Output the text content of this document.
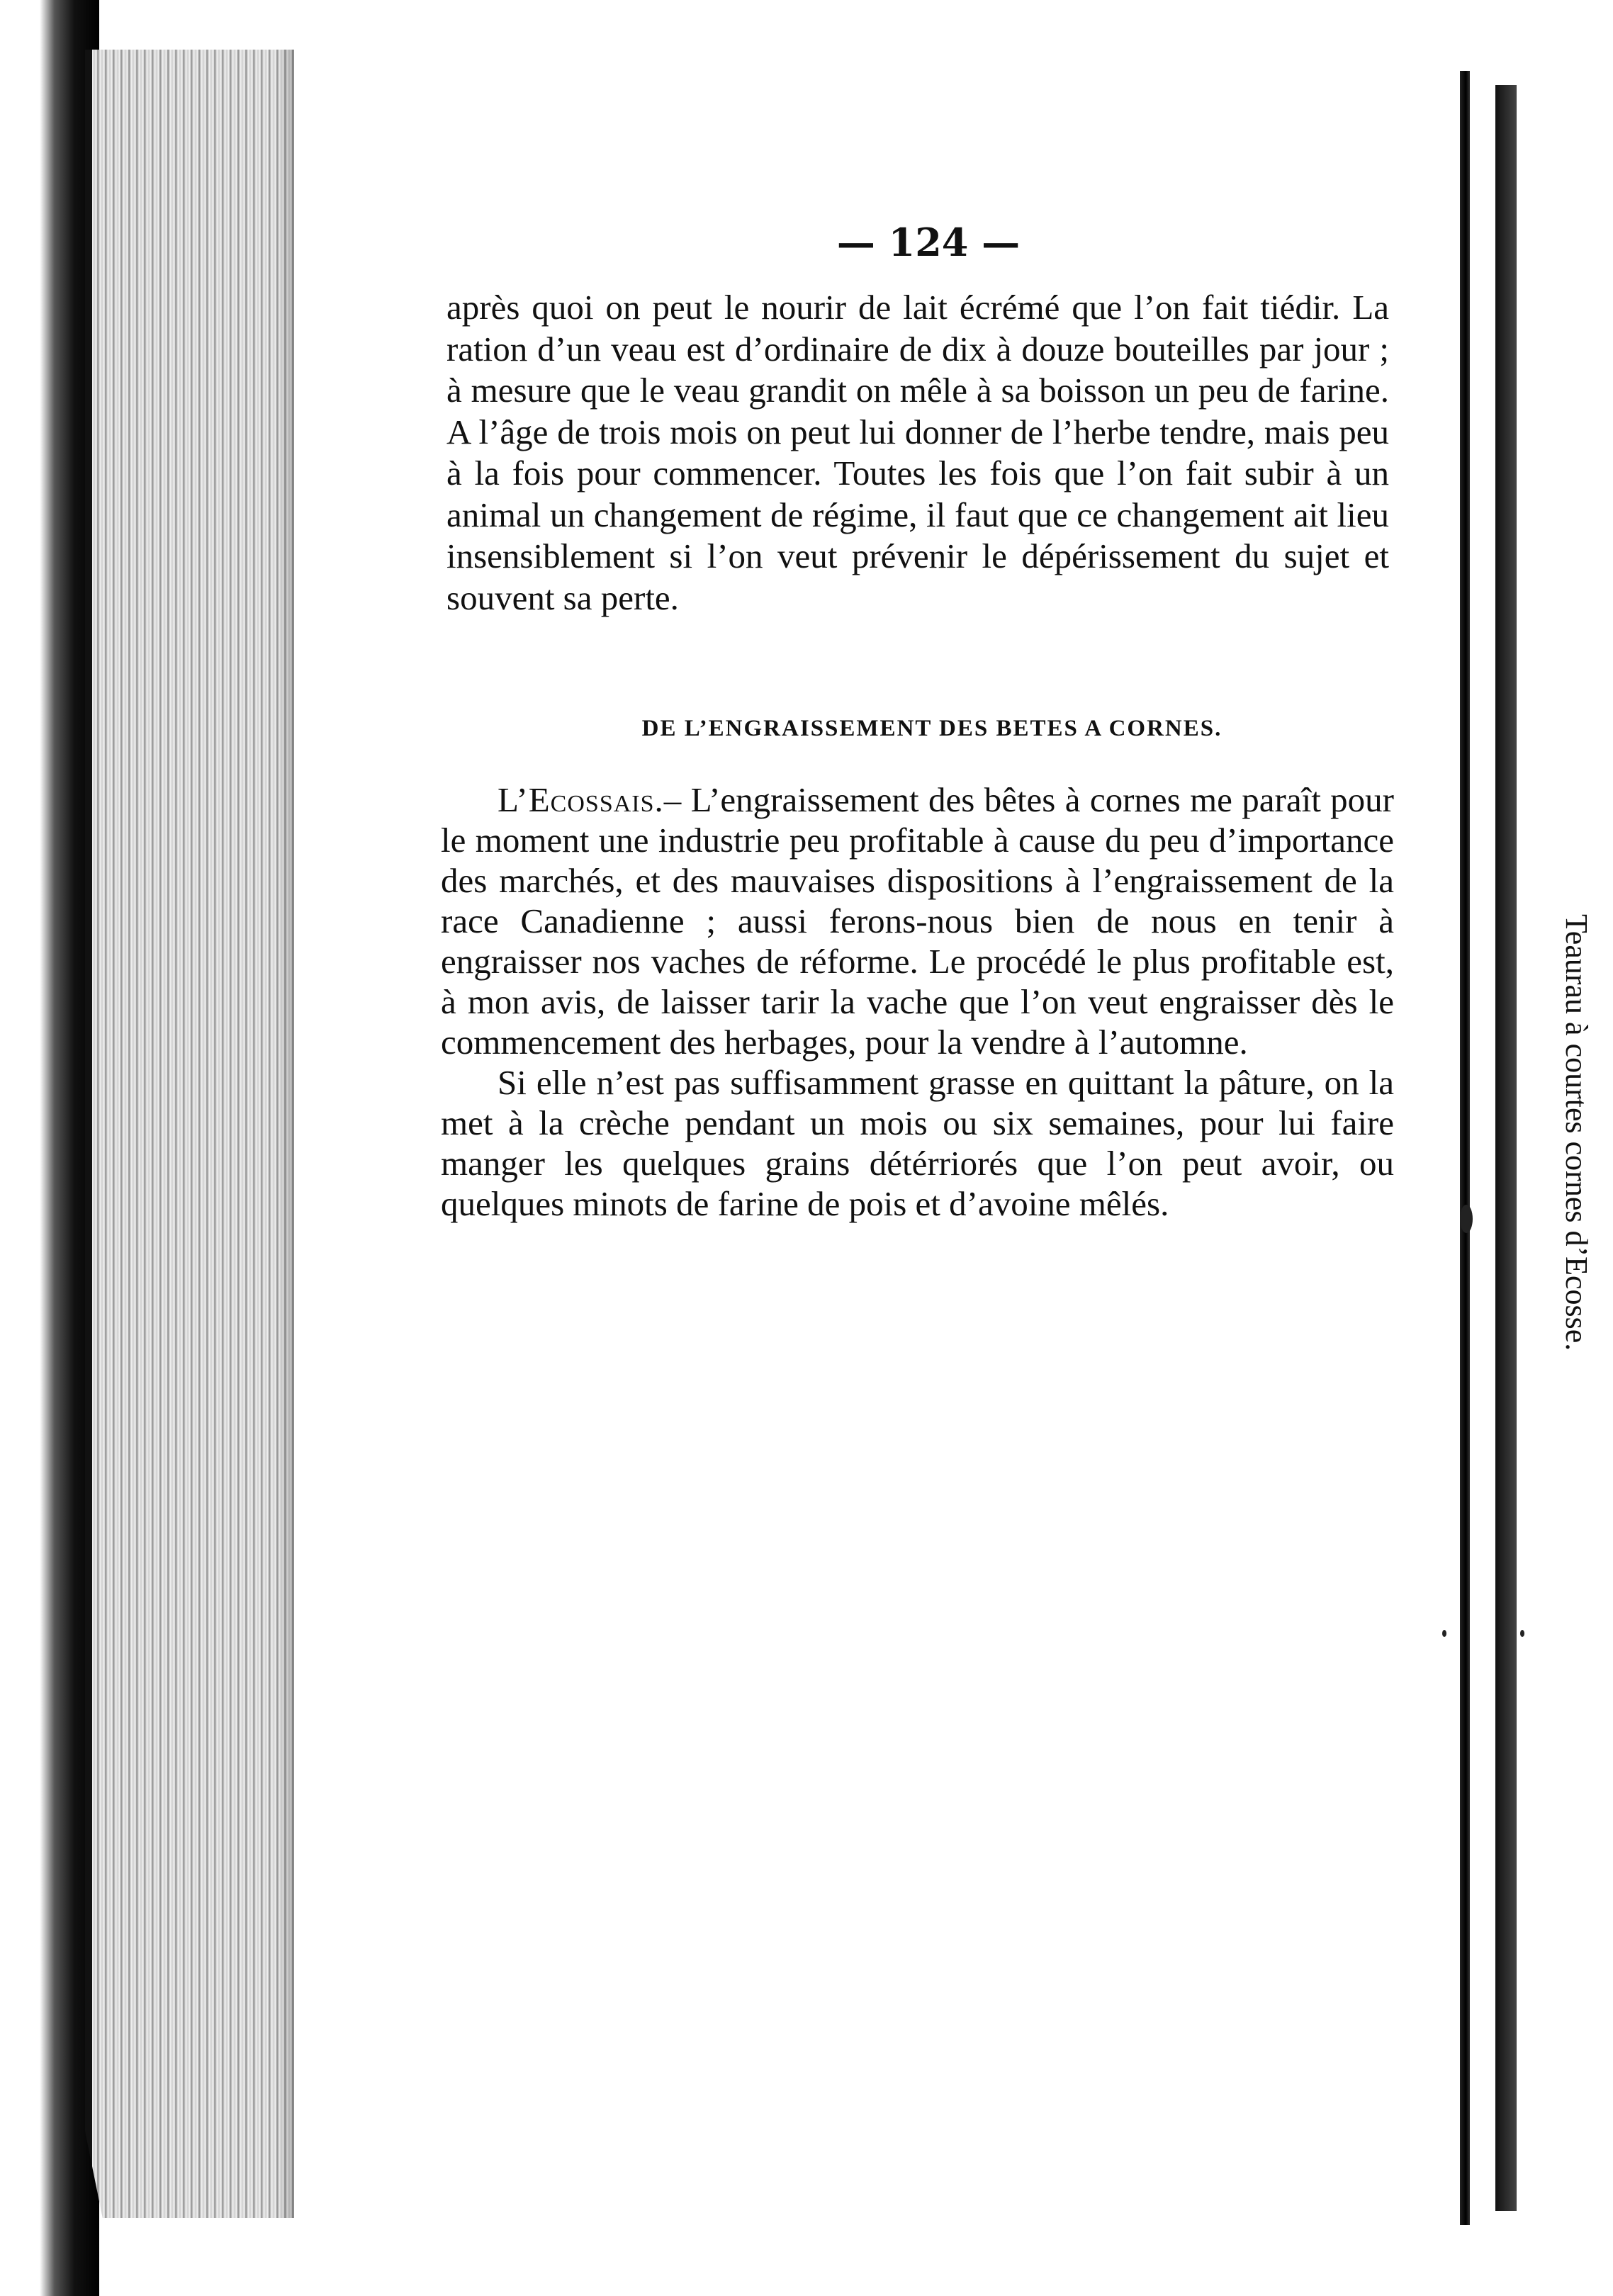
— 124 —

après quoi on peut le nourir de lait écrémé que l’on fait tiédir. La ration d’un veau est d’ordinaire de dix à douze bouteilles par jour ; à mesure que le veau grandit on mêle à sa boisson un peu de farine. A l’âge de trois mois on peut lui donner de l’herbe tendre, mais peu à la fois pour commencer. Toutes les fois que l’on fait subir à un animal un changement de régime, il faut que ce changement ait lieu insensiblement si l’on veut prévenir le dépérissement du sujet et souvent sa perte.

DE L’ENGRAISSEMENT DES BETES A CORNES.

L’Ecossais.– L’engraissement des bêtes à cornes me paraît pour le moment une industrie peu profitable à cause du peu d’importance des marchés, et des mauvaises dispositions à l’engraissement de la race Canadienne ; aussi ferons-nous bien de nous en tenir à engraisser nos vaches de réforme. Le procédé le plus profitable est, à mon avis, de laisser tarir la vache que l’on veut engraisser dès le commencement des herbages, pour la vendre à l’automne.

Si elle n’est pas suffisamment grasse en quittant la pâture, on la met à la crèche pendant un mois ou six semaines, pour lui faire manger les quelques grains détérriorés que l’on peut avoir, ou quelques minots de farine de pois et d’avoine mêlés.	Teaurau à courtes cornes d’Ecosse.
